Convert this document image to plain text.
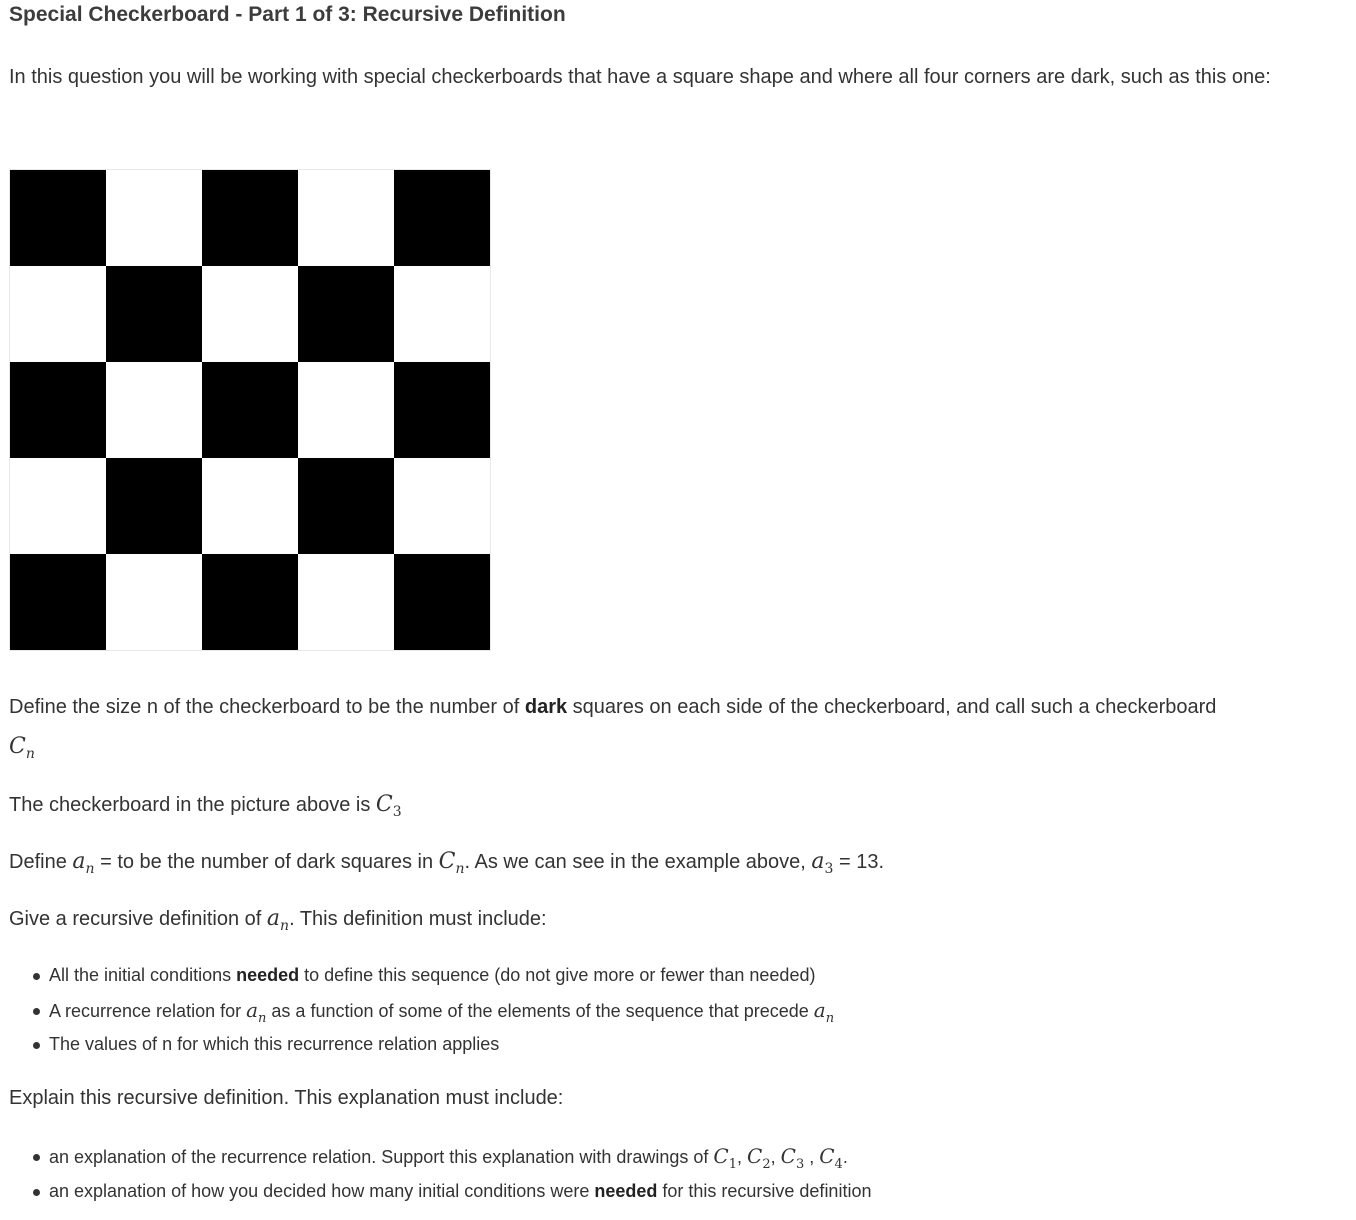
Special Checkerboard - Part 1 of 3: Recursive Definition

In this question you will be working with special checkerboards that have a square shape and where all four corners are dark, such as this one:

Define the size n of the checkerboard to be the number of dark squares on each side of the checkerboard, and call such a checkerboard

$C_n$

The checkerboard in the picture above is $C_3$

Define $a_n$ = to be the number of dark squares in $C_n$. As we can see in the example above, $a_3 = 13$.

Give a recursive definition of $a_n$. This definition must include:

All the initial conditions needed to define this sequence (do not give more or fewer than needed)
A recurrence relation for $a_n$ as a function of some of the elements of the sequence that precede $a_n$
The values of n for which this recurrence relation applies

Explain this recursive definition. This explanation must include:

an explanation of the recurrence relation. Support this explanation with drawings of $C_1$, $C_2$, $C_3$ , $C_4$.
an explanation of how you decided how many initial conditions were needed for this recursive definition
